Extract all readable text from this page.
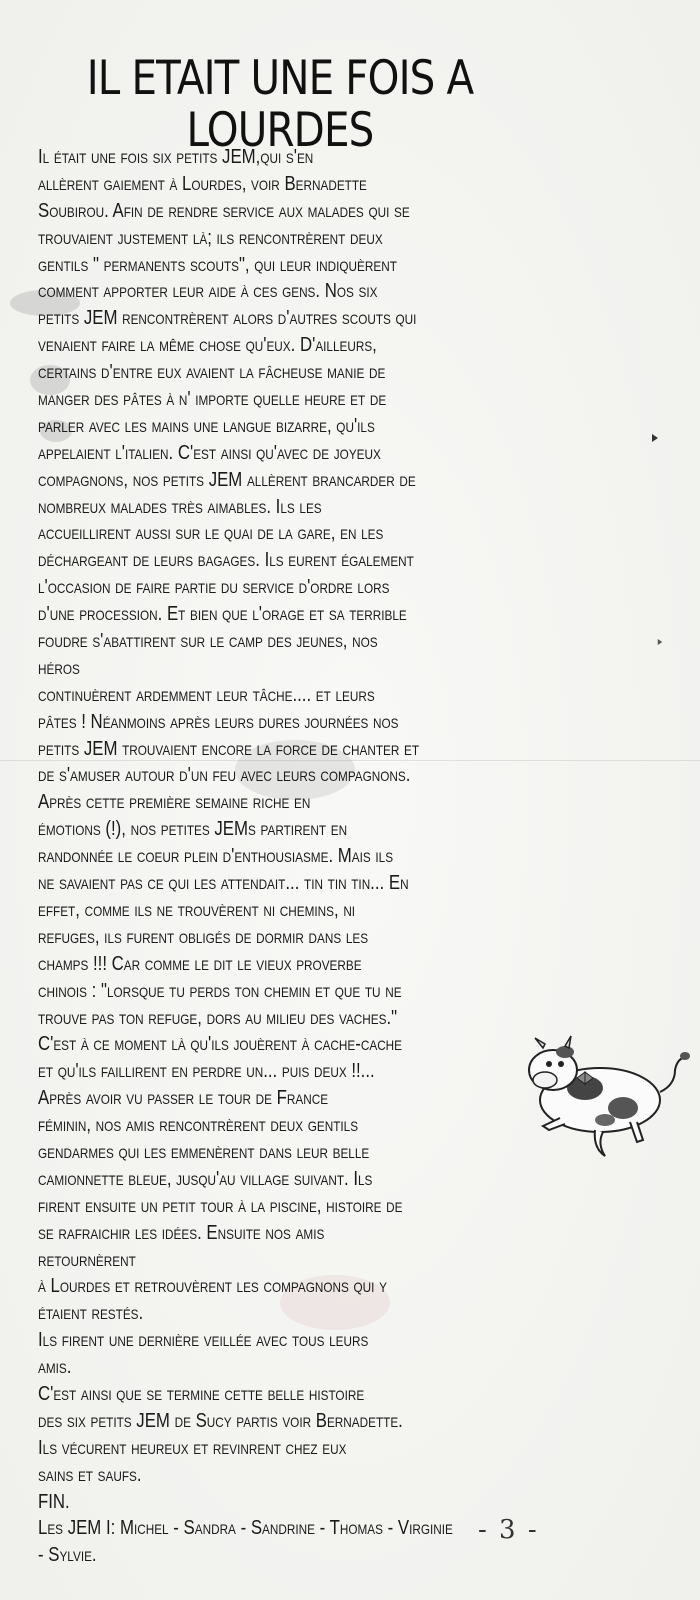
IL ETAIT UNE FOIS A
LOURDES
Il était une fois six petits JEM,qui s'en
allèrent gaiement à Lourdes, voir Bernadette
Soubirou. Afin de rendre service aux malades qui se
trouvaient justement là; ils rencontrèrent deux
gentils " permanents scouts", qui leur indiquèrent
comment apporter leur aide à ces gens. Nos six
petits JEM rencontrèrent alors d'autres scouts qui
venaient faire la même chose qu'eux. D'ailleurs,
certains d'entre eux avaient la fâcheuse manie de
manger des pâtes à n' importe quelle heure et de
parler avec les mains une langue bizarre, qu'ils
appelaient l'italien. C'est ainsi qu'avec de joyeux
compagnons, nos petits JEM allèrent brancarder de
nombreux malades très aimables. Ils les
accueillirent aussi sur le quai de la gare, en les
déchargeant de leurs bagages. Ils eurent également
l'occasion de faire partie du service d'ordre lors
d'une procession. Et bien que l'orage et sa terrible
foudre s'abattirent sur le camp des jeunes, nos
héros
continuèrent ardemment leur tâche.... et leurs
pâtes ! Néanmoins après leurs dures journées nos
petits JEM trouvaient encore la force de chanter et
de s'amuser autour d'un feu avec leurs compagnons.
Après cette première semaine riche en
émotions (!), nos petites JEMs partirent en
randonnée le coeur plein d'enthousiasme. Mais ils
ne savaient pas ce qui les attendait... tin tin tin... En
effet, comme ils ne trouvèrent ni chemins, ni
refuges, ils furent obligés de dormir dans les
champs !!! Car comme le dit le vieux proverbe
chinois : "lorsque tu perds ton chemin et que tu ne
trouve pas ton refuge, dors au milieu des vaches."
C'est à ce moment là qu'ils jouèrent à cache-cache
et qu'ils faillirent en perdre un... puis deux !!...
Après avoir vu passer le tour de France
féminin, nos amis rencontrèrent deux gentils
gendarmes qui les emmenèrent dans leur belle
camionnette bleue, jusqu'au village suivant. Ils
firent ensuite un petit tour à la piscine, histoire de
se rafraichir les idées. Ensuite nos amis
retournèrent
à Lourdes et retrouvèrent les compagnons qui y
étaient restés.
Ils firent une dernière veillée avec tous leurs
amis.
C'est ainsi que se termine cette belle histoire
des six petits JEM de Sucy partis voir Bernadette.
Ils vécurent heureux et revinrent chez eux
sains et saufs.
FIN.
Les JEM I: Michel - Sandra - Sandrine - Thomas - Virginie
- Sylvie.
- 3 -
